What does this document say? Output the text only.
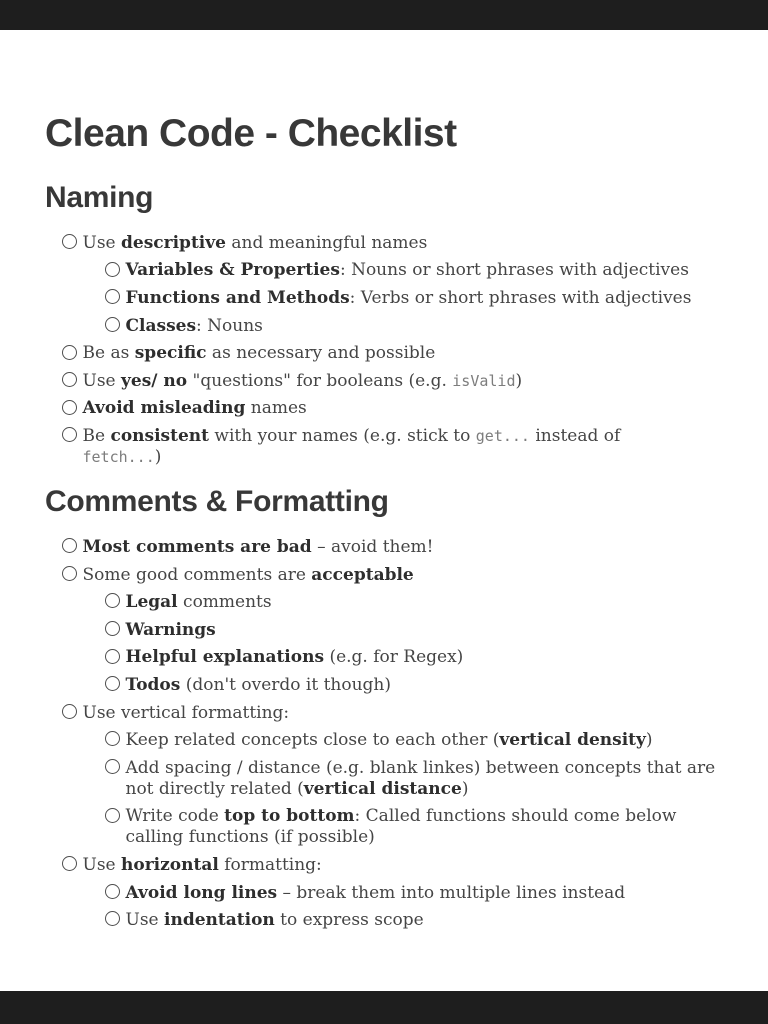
Clean Code - Checklist
Naming
Use descriptive and meaningful names
Variables & Properties: Nouns or short phrases with adjectives
Functions and Methods: Verbs or short phrases with adjectives
Classes: Nouns
Be as specific as necessary and possible
Use yes/ no "questions" for booleans (e.g. isValid)
Avoid misleading names
Be consistent with your names (e.g. stick to get... instead of fetch...)
Comments & Formatting
Most comments are bad – avoid them!
Some good comments are acceptable
Legal comments
Warnings
Helpful explanations (e.g. for Regex)
Todos (don't overdo it though)
Use vertical formatting:
Keep related concepts close to each other (vertical density)
Add spacing / distance (e.g. blank linkes) between concepts that are not directly related (vertical distance)
Write code top to bottom: Called functions should come below calling functions (if possible)
Use horizontal formatting:
Avoid long lines – break them into multiple lines instead
Use indentation to express scope
